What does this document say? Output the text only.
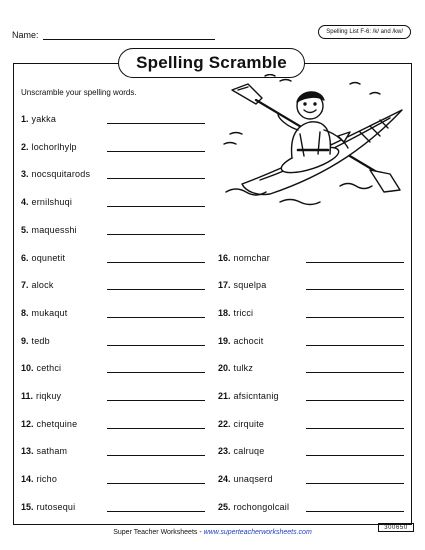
Name:	Spelling List F-6: /k/ and /kw/
Spelling Scramble
Unscramble your spelling words.
1. yakka
2. lochorlhylp
3. nocsquitarods
4. ernilshuqi
5. maquesshi
6. oqunetit
7. alock
8. mukaqut
9. tedb
10. cethci
11. riqkuy
12. chetquine
13. satham
14. richo
15. rutosequi
16. nomchar
17. squelpa
18. tricci
19. achocit
20. tulkz
21. afsicntanig
22. cirquite
23. calruqe
24. unaqserd
25. rochongolcail
Super Teacher Worksheets - www.superteacherworksheets.com
300650
